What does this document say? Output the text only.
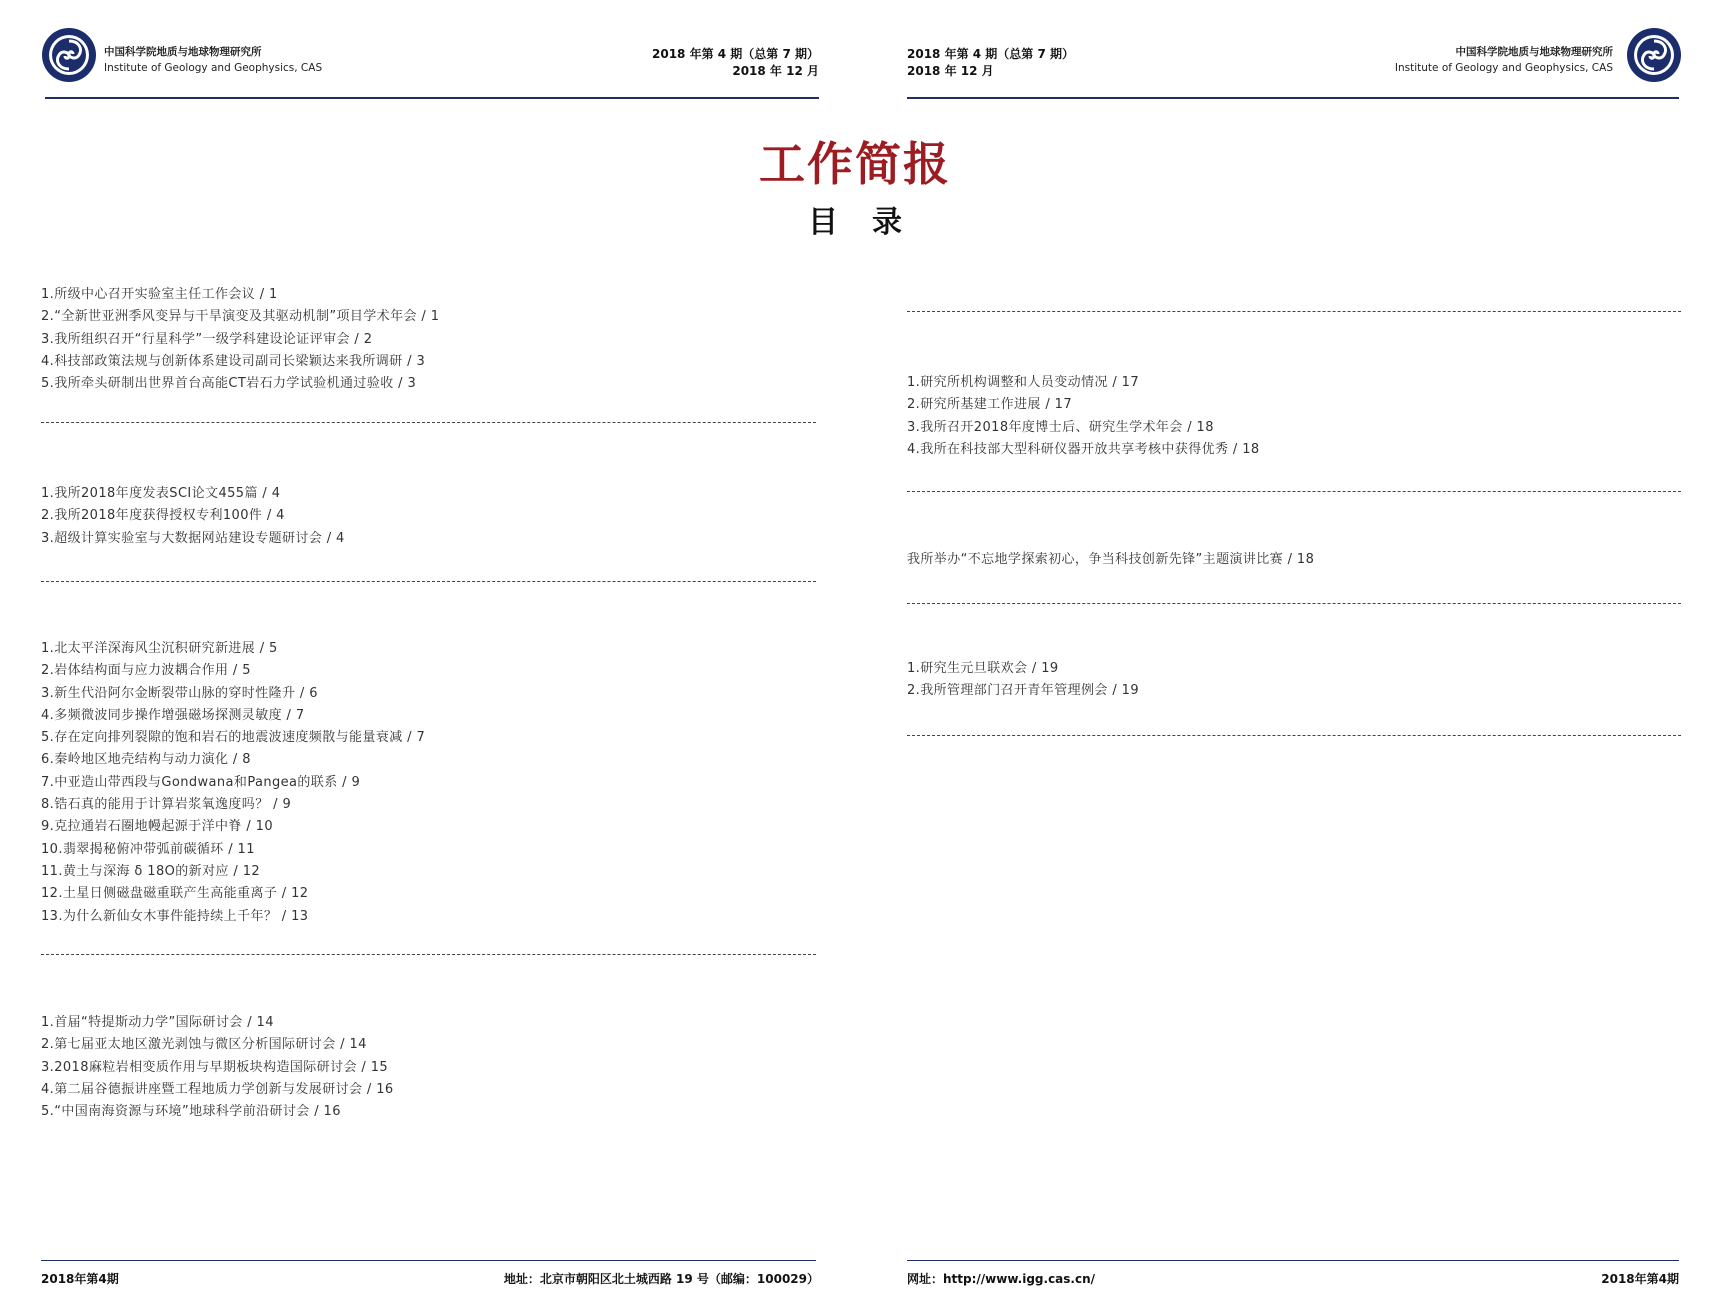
中国科学院地质与地球物理研究所
Institute of Geology and Geophysics, CAS
2018 年第 4 期（总第 7 期）
2018 年 12 月
1.所级中心召开实验室主任工作会议 / 1
2.“全新世亚洲季风变异与干旱演变及其驱动机制”项目学术年会 / 1
3.我所组织召开“行星科学”一级学科建设论证评审会 / 2
4.科技部政策法规与创新体系建设司副司长梁颖达来我所调研 / 3
5.我所牵头研制出世界首台高能CT岩石力学试验机通过验收 / 3
1.我所2018年度发表SCI论文455篇 / 4
2.我所2018年度获得授权专利100件 / 4
3.超级计算实验室与大数据网站建设专题研讨会 / 4
1.北太平洋深海风尘沉积研究新进展 / 5
2.岩体结构面与应力波耦合作用 / 5
3.新生代沿阿尔金断裂带山脉的穿时性隆升 / 6
4.多频微波同步操作增强磁场探测灵敏度 / 7
5.存在定向排列裂隙的饱和岩石的地震波速度频散与能量衰减 / 7
6.秦岭地区地壳结构与动力演化 / 8
7.中亚造山带西段与Gondwana和Pangea的联系 / 9
8.锆石真的能用于计算岩浆氧逸度吗？ / 9
9.克拉通岩石圈地幔起源于洋中脊 / 10
10.翡翠揭秘俯冲带弧前碳循环 / 11
11.黄土与深海 δ 18O的新对应 / 12
12.土星日侧磁盘磁重联产生高能重离子 / 12
13.为什么新仙女木事件能持续上千年？ / 13
1.首届“特提斯动力学”国际研讨会 / 14
2.第七届亚太地区激光剥蚀与微区分析国际研讨会 / 14
3.2018麻粒岩相变质作用与早期板块构造国际研讨会 / 15
4.第二届谷德振讲座暨工程地质力学创新与发展研讨会 / 16
5.“中国南海资源与环境”地球科学前沿研讨会 / 16
2018年第4期	地址：北京市朝阳区北土城西路 19 号（邮编：100029）
工作简报
目录
2018 年第 4 期（总第 7 期）
2018 年 12 月
中国科学院地质与地球物理研究所
Institute of Geology and Geophysics, CAS
网址：http://www.igg.cas.cn/	2018年第4期
1.研究所机构调整和人员变动情况 / 17
2.研究所基建工作进展 / 17
3.我所召开2018年度博士后、研究生学术年会 / 18
4.我所在科技部大型科研仪器开放共享考核中获得优秀 / 18
我所举办“不忘地学探索初心，争当科技创新先锋”主题演讲比赛 / 18
1.研究生元旦联欢会 / 19
2.我所管理部门召开青年管理例会 / 19
